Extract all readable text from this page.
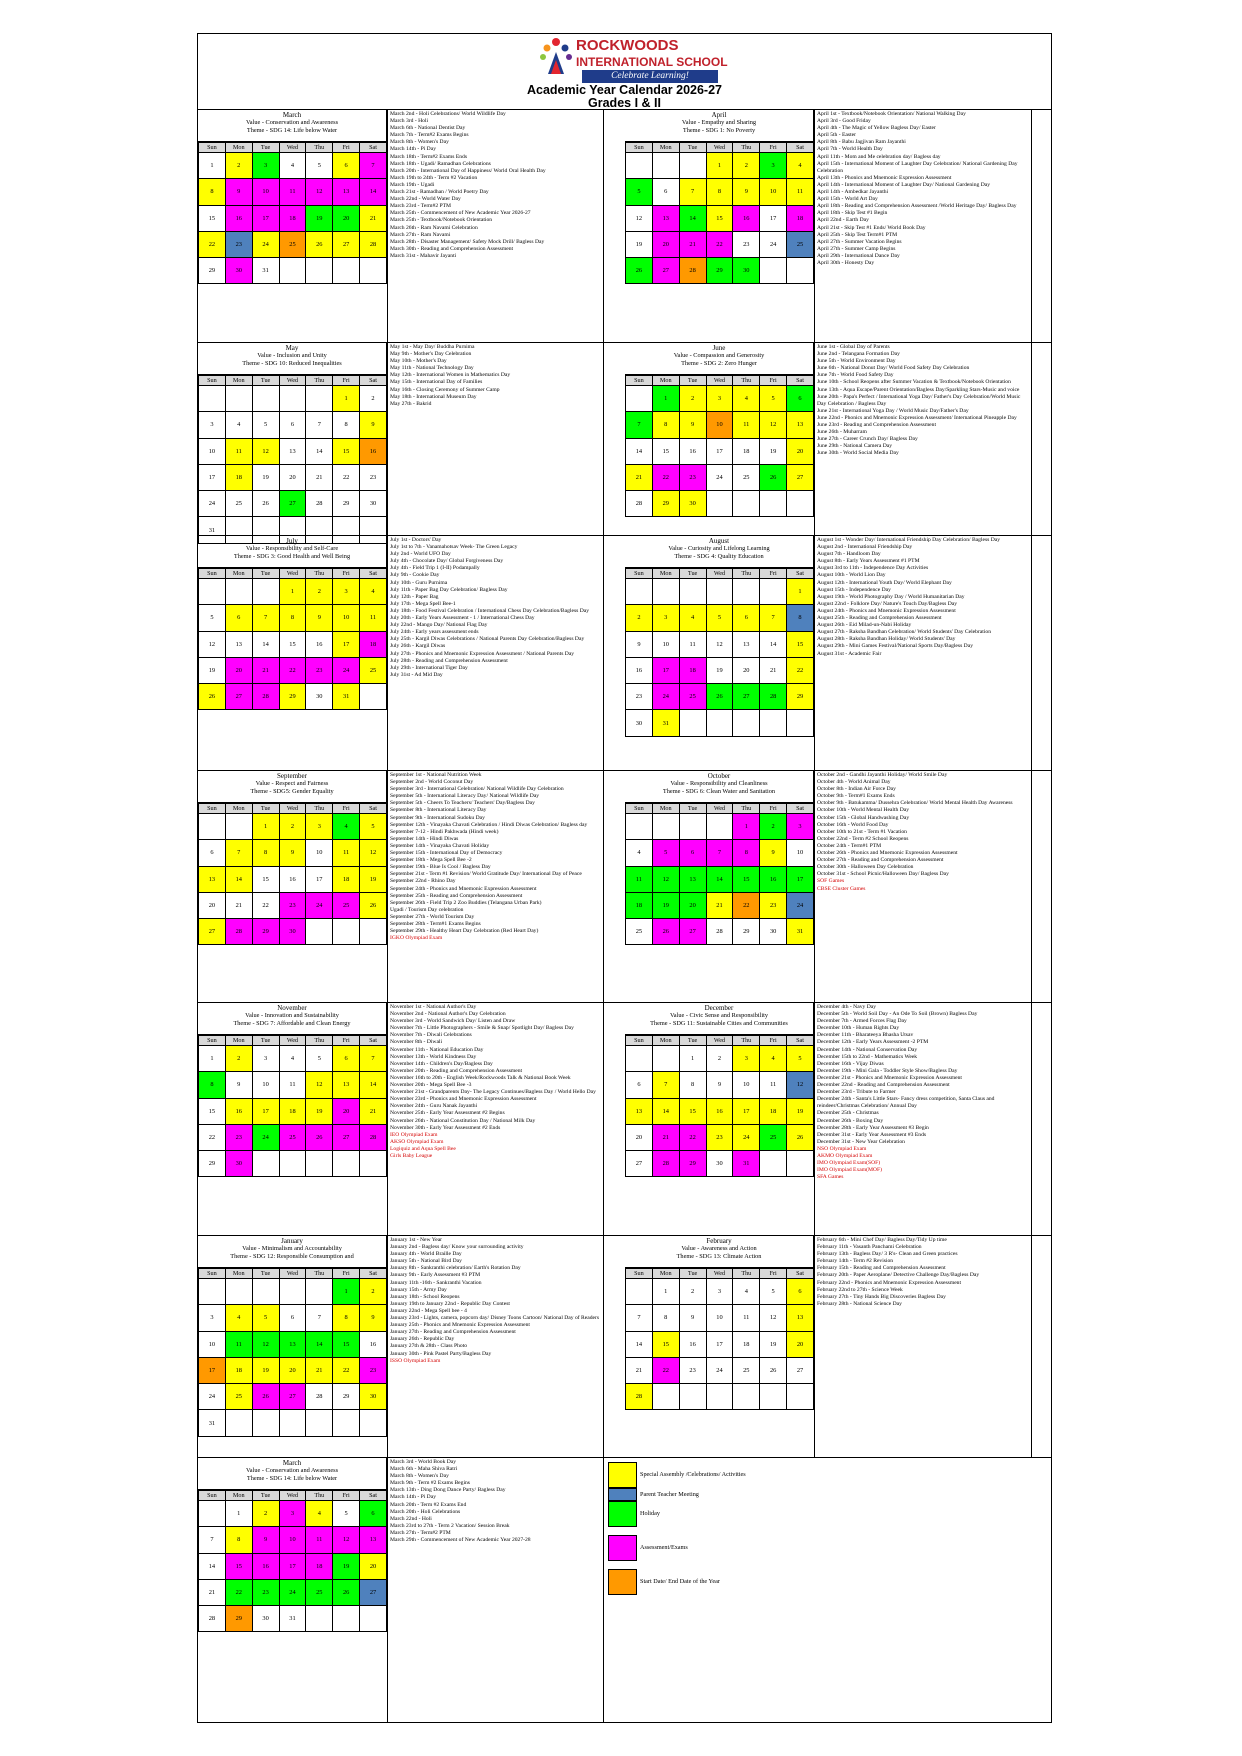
ROCKWOODS
INTERNATIONAL SCHOOL
Celebrate Learning!
Academic Year Calendar 2026-27
Grades I & II
March
Value - Conservation and Awareness
Theme - SDG 14: Life below Water
Sun	Mon	Tue	Wed	Thu	Fri	Sat
1	2	3	4	5	6	7
8	9	10	11	12	13	14
15	16	17	18	19	20	21
22	23	24	25	26	27	28
29	30	31				
March 2nd - Holi Celebrations/ World Wildlife Day
March 3rd - Holi
March 6th - National Dentist Day
March 7th - Term#2 Exams Begins
March 8th - Women's Day
March 14th - Pi Day
March 18th - Term#2 Exams Ends
March 18th - Ugadi/ Ramadhan Celebrations
March 20th - International Day of Happiness/ World Oral Health Day
March 19th to 24th - Term #2 Vacation
March 19th - Ugadi
March 21st - Ramadhan / World Poetry Day
March 22nd - World Water Day
March 23rd - Term#2 PTM
March 25th - Commencement of New Academic Year 2026-27
March 25th - Textbook/Notebook Orientation
March 26th - Ram Navami Celebration
March 27th - Ram Navami
March 28th - Disaster Management/ Safety Mock Drill/ Bagless Day
March 30th - Reading and Comprehension Assessment
March 31st - Mahavir Jayanti
April
Value - Empathy and Sharing
Theme - SDG 1: No Poverty
Sun	Mon	Tue	Wed	Thu	Fri	Sat
			1	2	3	4
5	6	7	8	9	10	11
12	13	14	15	16	17	18
19	20	21	22	23	24	25
26	27	28	29	30		
April 1st - Textbook/Notebook Orientation/ National Walking Day
April 3rd - Good Friday
April 4th - The Magic of Yellow Bagless Day/ Easter
April 5th - Easter
April 8th - Babu Jagjivan Ram Jayanthi
April 7th - World Health Day
April 11th - Mom and Me celebration day/ Bagless day
April 15th - International Moment of Laughter Day Celebration/ National Gardening Day Celebration
April 13th - Phonics and Mnemonic Expression Assessment
April 14th - International Moment of Laughter Day/ National Gardening Day
April 14th - Ambedkar Jayanthi
April 15th - World Art Day
April 18th - Reading and Comprehension Assessment /World Heritage Day/ Bagless Day
April 18th - Skip Test #1 Begin
April 22nd - Earth Day
April 21st - Skip Test #1 Ends/ World Book Day
April 25th - Skip Test Term#1 PTM
April 27th - Summer Vacation Begins
April 27th - Summer Camp Begins
April 29th - International Dance Day
April 30th - Honesty Day
May
Value - Inclusion and Unity
Theme - SDG 10: Reduced Inequalities
Sun	Mon	Tue	Wed	Thu	Fri	Sat
					1	2
3	4	5	6	7	8	9
10	11	12	13	14	15	16
17	18	19	20	21	22	23
24	25	26	27	28	29	30
31						
May 1st - May Day/ Buddha Purnima
May 9th - Mother's Day Celebration
May 10th - Mother's Day
May 11th - National Technology Day
May 12th - International Women in Mathematics Day
May 15th - International Day of Families
May 16th - Closing Ceremony of Summer Camp
May 18th - International Museum Day
May 27th - Bakrid
June
Value - Compassion and Generosity
Theme - SDG 2: Zero Hunger
Sun	Mon	Tue	Wed	Thu	Fri	Sat
	1	2	3	4	5	6
7	8	9	10	11	12	13
14	15	16	17	18	19	20
21	22	23	24	25	26	27
28	29	30				
June 1st - Global Day of Parents
June 2nd - Telangana Formation Day
June 5th - World Environment Day
June 6th - National Donut Day/ World Food Safety Day Celebration
June 7th - World Food Safety Day
June 10th - School Reopens after Summer Vacation & Textbook/Notebook Orientation
June 13th - Aqua Escape/Parent Orientation/Bagless Day/Sparkling Stars-Music and voice
June 20th - Papa's Perfect / International Yoga Day/ Father's Day Celebration/World Music Day Celebration / Bagless Day
June 21st - International Yoga Day / World Music Day/Father's Day
June 22nd - Phonics and Mnemonic Expression Assessment/ International Pineapple Day
June 23rd - Reading and Comprehension Assessment
June 26th - Muharram
June 27th - Career Crunch Day/ Bagless Day
June 29th - National Camera Day
June 30th - World Social Media Day
July
Value - Responsibility and Self-Care
Theme - SDG 3: Good Health and Well Being
Sun	Mon	Tue	Wed	Thu	Fri	Sat
			1	2	3	4
5	6	7	8	9	10	11
12	13	14	15	16	17	18
19	20	21	22	23	24	25
26	27	28	29	30	31	
July 1st - Doctors' Day
July 1st to 7th - Vanamahotsav Week- The Green Legacy
July 2nd - World UFO Day
July 4th - Chocolate Day/ Global Forgiveness Day
July 4th - Field Trip 1 (I-II) Podampally
July 9th - Cookie Day
July 10th - Guru Purnima
July 11th - Paper Bag Day Celebration/ Bagless Day
July 12th - Paper Bag
July 17th - Mega Spell Bee-1
July 18th - Food Festival Celebration / International Chess Day Celebration/Bagless Day
July 20th - Early Years Assessment - 1 / International Chess Day
July 22nd - Mango Day/ National Flag Day
July 24th - Early years assessment ends
July 25th - Kargil Diwas Celebrations / National Parents Day Celebration/Bagless Day
July 26th - Kargil Diwas
July 27th - Phonics and Mnemonic Expression Assessment / National Parents Day
July 28th - Reading and Comprehension Assessment
July 29th - International Tiger Day
July 31st - Ad Mid Day
August
Value - Curiosity and Lifelong Learning
Theme - SDG 4: Quality Education
Sun	Mon	Tue	Wed	Thu	Fri	Sat
						1
2	3	4	5	6	7	8
9	10	11	12	13	14	15
16	17	18	19	20	21	22
23	24	25	26	27	28	29
30	31					
August 1st - Wonder Day/ International Friendship Day Celebration/ Bagless Day
August 2nd - International Friendship Day
August 7th - Handloom Day
August 8th - Early Years Assessment #1 PTM
August 3rd to 11th - Independence Day Activities
August 10th - World Lion Day
August 12th - International Youth Day/ World Elephant Day
August 15th - Independence Day
August 19th - World Photography Day / World Humanitarian Day
August 22nd - Folklore Day/ Nature's Touch Day/Bagless Day
August 24th - Phonics and Mnemonic Expression Assessment
August 25th - Reading and Comprehension Assessment
August 26th - Eid Milad-un-Nabi Holiday
August 27th - Raksha Bandhan Celebration/ World Students' Day Celebration
August 28th - Raksha Bandhan Holiday/ World Students' Day
August 29th - Mini Games Festival/National Sports Day/Bagless Day
August 31st - Academic Fair
September
Value - Respect and Fairness
Theme - SDG5: Gender Equality
Sun	Mon	Tue	Wed	Thu	Fri	Sat
		1	2	3	4	5
6	7	8	9	10	11	12
13	14	15	16	17	18	19
20	21	22	23	24	25	26
27	28	29	30			
September 1st - National Nutrition Week
September 2nd - World Coconut Day
September 3rd - International Celebration/ National Wildlife Day Celebration
September 5th - International Literacy Day/ National Wildlife Day
September 5th - Cheers To Teachers/ Teachers' Day/Bagless Day
September 8th - International Literacy Day
September 9th - International Sudoku Day
September 12th - Vinayaka Chavati Celebration / Hindi Diwas Celebration/ Bagless day
September 7-12 - Hindi Pakhwada (Hindi week)
September 14th - Hindi Diwas
September 14th - Vinayaka Chavati Holiday
September 15th - International Day of Democracy
September 18th - Mega Spell Bee -2
September 19th - Blue Is Cool / Bagless Day
September 21st - Term #1 Revision/ World Gratitude Day/ International Day of Peace
September 22nd - Rhino Day
September 24th - Phonics and Mnemonic Expression Assessment
September 25th - Reading and Comprehension Assessment
September 26th - Field Trip 2 Zoo Buddies (Telangana Urban Park)
Ugadi / Tourism Day celebration
September 27th - World Tourism Day
September 28th - Term#1 Exams Begins
September 29th - Healthy Heart Day Celebration (Red Heart Day)
IGKO Olympiad Exam
October
Value - Responsibility and Cleanliness
Theme - SDG 6: Clean Water and Sanitation
Sun	Mon	Tue	Wed	Thu	Fri	Sat
				1	2	3
4	5	6	7	8	9	10
11	12	13	14	15	16	17
18	19	20	21	22	23	24
25	26	27	28	29	30	31
October 2nd - Gandhi Jayanthi Holiday/ World Smile Day
October 4th - World Animal Day
October 8th - Indian Air Force Day
October 9th - Term#1 Exams Ends
October 9th - Batukamma/ Dussehra Celebration/ World Mental Health Day Awareness
October 10th - World Mental Health Day
October 15th - Global Handwashing Day
October 16th - World Food Day
October 10th to 21st - Term #1 Vacation
October 22nd - Term #2 School Reopens
October 24th - Term#1 PTM
October 26th - Phonics and Mnemonic Expression Assessment
October 27th - Reading and Comprehension Assessment
October 30th - Halloween Day Celebration
October 31st - School Picnic/Halloween Day/ Bagless Day
SOF Games
CBSE Cluster Games
November
Value - Innovation and Sustainability
Theme - SDG 7: Affordable and Clean Energy
Sun	Mon	Tue	Wed	Thu	Fri	Sat
1	2	3	4	5	6	7
8	9	10	11	12	13	14
15	16	17	18	19	20	21
22	23	24	25	26	27	28
29	30					
November 1st - National Author's Day
November 2nd - National Author's Day Celebration
November 3rd - World Sandwich Day/ Listen and Draw
November 7th - Little Photographers - Smile & Snap/ Spotlight Day/ Bagless Day
November 7th - Diwali Celebrations
November 8th - Diwali
November 11th - National Education Day
November 13th - World Kindness Day
November 14th - Children's Day/Bagless Day
November 20th - Reading and Comprehension Assessment
November 16th to 20th - English Week/Rockwoods Talk & National Book Week
November 20th - Mega Spell Bee -3
November 21st - Grandparents Day- The Legacy Continues/Bagless Day / World Hello Day
November 23rd - Phonics and Mnemonic Expression Assessment
November 24th - Guru Nanak Jayanthi
November 25th - Early Year Assessment #2 Begins
November 26th - National Constitution Day / National Milk Day
November 30th - Early Year Assessment #2 Ends
IEO Olympiad Exam
AKSO Olympiad Exam
Logiquiz and Aqua Spell Bee
Girls Baby League
December
Value - Civic Sense and Responsibility
Theme - SDG 11: Sustainable Cities and Communities
Sun	Mon	Tue	Wed	Thu	Fri	Sat
		1	2	3	4	5
6	7	8	9	10	11	12
13	14	15	16	17	18	19
20	21	22	23	24	25	26
27	28	29	30	31		
December 4th - Navy Day
December 5th - World Soil Day - An Ode To Soil (Brown) Bagless Day
December 7th - Armed Forces Flag Day
December 10th - Human Rights Day
December 11th - Bharateeya Bhasha Utsav
December 12th - Early Years Assessment -2 PTM
December 14th - National Conservation Day
December 15th to 22nd - Mathematics Week
December 16th - Vijay Diwas
December 19th - Mini Gala - Toddler Style Show/Bagless Day
December 21st - Phonics and Mnemonic Expression Assessment
December 22nd - Reading and Comprehension Assessment
December 23rd - Tribute to Farmer
December 24th - Santa's Little Stars- Fancy dress competition, Santa Claus and reindeer/Christmas Celebration/ Annual Day
December 25th - Christmas
December 26th - Boxing Day
December 28th - Early Year Assessment #3 Begin
December 31st - Early Year Assessment #3 Ends
December 31st - New Year Celebration
NSO Olympiad Exam
AKMO Olympiad Exam
IMO Olympiad Exam(SOF)
IMO Olympiad Exam(MOF)
SFA Games
January
Value - Minimalism and Accountability
Theme - SDG 12: Responsible Consumption and
Sun	Mon	Tue	Wed	Thu	Fri	Sat
					1	2
3	4	5	6	7	8	9
10	11	12	13	14	15	16
17	18	19	20	21	22	23
24	25	26	27	28	29	30
31						
January 1st - New Year
January 2nd - Bagless day/ Know your surrounding activity
January 4th - World Braille Day
January 5th - National Bird Day
January 8th - Sankranthi celebration/ Earth's Rotation Day
January 9th - Early Assessment #3 PTM
January 11th -16th - Sankranthi Vacation
January 15th - Army Day
January 18th - School Reopens
January 19th to January 22nd - Republic Day Contest
January 22nd - Mega Spell bee - 4
January 23rd - Lights, camera, popcorn day/ Disney Toons Cartoon/ National Day of Readers
January 25th - Phonics and Mnemonic Expression Assessment
January 27th - Reading and Comprehension Assessment
January 26th - Republic Day
January 27th & 28th - Class Photo
January 30th - Pink Pastel Party/Bagless Day
ISSO Olympiad Exam
February
Value - Awareness and Action
Theme - SDG 13: Climate Action
Sun	Mon	Tue	Wed	Thu	Fri	Sat
	1	2	3	4	5	6
7	8	9	10	11	12	13
14	15	16	17	18	19	20
21	22	23	24	25	26	27
28						
February 6th - Mini Chef Day/ Bagless Day/Tidy Up time
February 11th - Vasanth Panchami Celebration
February 13th - Bagless Day/ 3 R's- Clean and Green practices
February 14th - Term #2 Revision
February 15th - Reading and Comprehension Assessment
February 20th - Paper Aeroplane/ Detective Challenge Day/Bagless Day
February 22nd - Phonics and Mnemonic Expression Assessment
February 22nd to 27th - Science Week
February 27th - Tiny Hands Big Discoveries Bagless Day
February 28th - National Science Day
March
Value - Conservation and Awareness
Theme - SDG 14: Life below Water
Sun	Mon	Tue	Wed	Thu	Fri	Sat
	1	2	3	4	5	6
7	8	9	10	11	12	13
14	15	16	17	18	19	20
21	22	23	24	25	26	27
28	29	30	31			
March 3rd - World Book Day
March 6th - Maha Shiva Ratri
March 8th - Women's Day
March 9th - Term #2 Exams Begins
March 13th - Ding Dong Dance Party/ Bagless Day
March 14th - Pi Day
March 20th - Term #2 Exams End
March 20th - Holi Celebrations
March 22nd - Holi
March 23rd to 27th - Term 2 Vacation/ Session Break
March 27th - Term#2 PTM
March 29th - Commencement of New Academic Year 2027-28
Special Assembly /Celebrations/ Activities
Parent Teacher Meeting
Holiday
Assessment/Exams
Start Date/ End Date of the Year
